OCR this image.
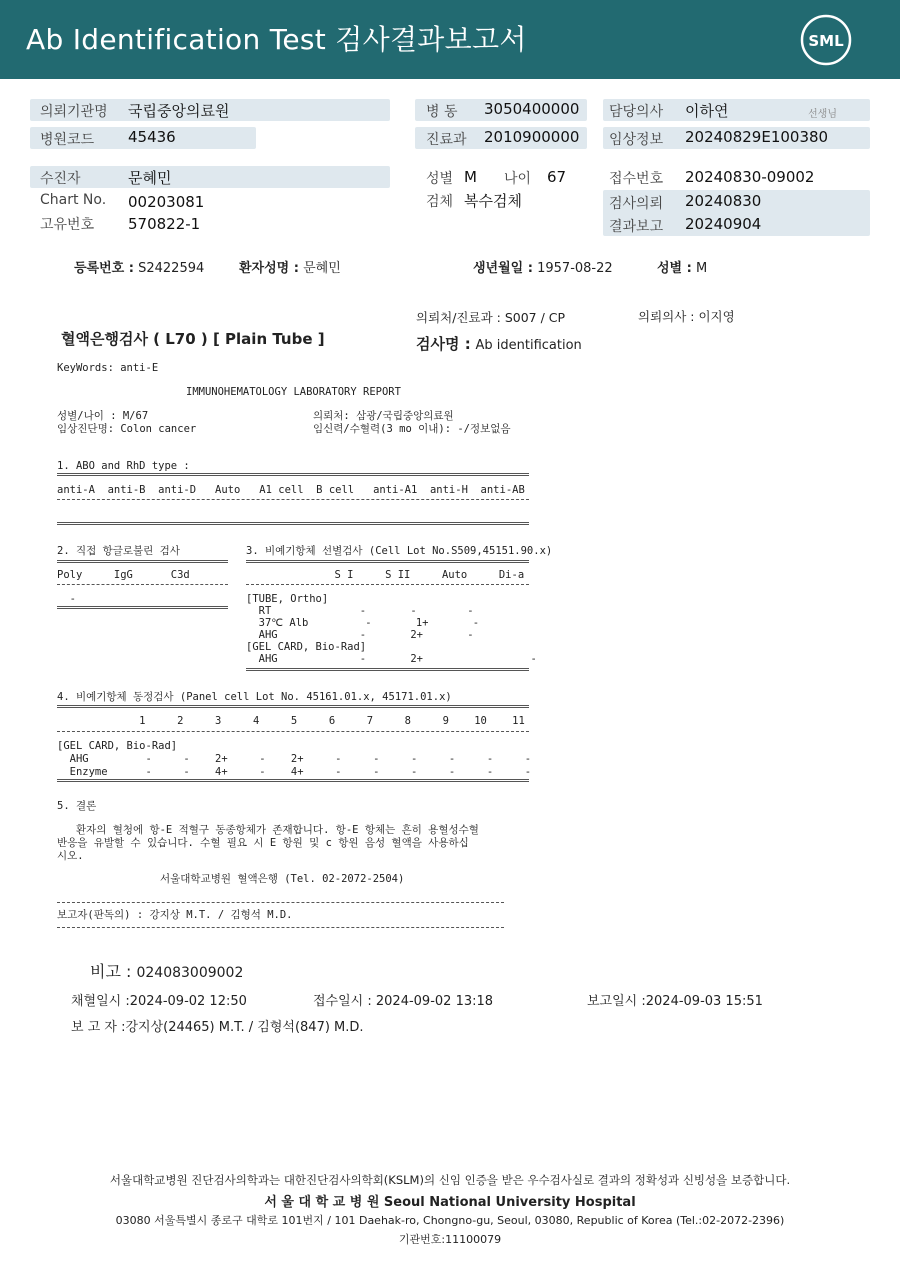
Ab Identification Test 검사결과보고서	SML
의뢰기관명 국립중앙의료원
병원코드 45436
병 동 3050400000
진료과 2010900000
담당의사 이하연	선생님
임상정보 20240829E100380
수진자	문혜민
Chart No. 00203081
고유번호 570822-1
성별 M 나이 67
검체 복수검체
접수번호 20240830-09002
검사의뢰 20240830
결과보고 20240904
등록번호 : S2422594	환자성명 : 문혜민	생년월일 : 1957-08-22	성별 : M
의뢰처/진료과 : S007 / CP	의뢰의사 : 이지영
혈액은행검사 ( L70 ) [ Plain Tube ]	검사명 : Ab identification
KeyWords: anti-E
IMMUNOHEMATOLOGY LABORATORY REPORT
성별/나이 : M/67
임상진단명: Colon cancer
의뢰처: 삼광/국립중앙의료원
임신력/수혈력(3 mo 이내): -/정보없음
1. ABO and RhD type :
anti-A  anti-B  anti-D   Auto   A1 cell  B cell   anti-A1  anti-H  anti-AB
2. 직접 항글로불린 검사
Poly     IgG      C3d
-
3. 비예기항체 선별검사 (Cell Lot No.S509,45151.90.x)
S I     S II     Auto     Di-a
[TUBE, Ortho]
RT              -       -        -
37℃ Alb         -       1+       -
AHG             -       2+       -
[GEL CARD, Bio-Rad]
AHG             -       2+                 -
4. 비예기항체 동정검사 (Panel cell Lot No. 45161.01.x, 45171.01.x)
1     2     3     4     5     6     7     8     9    10    11
[GEL CARD, Bio-Rad]
AHG         -     -    2+     -    2+     -     -     -     -     -     -
Enzyme      -     -    4+     -    4+     -     -     -     -     -     -
5. 결론
환자의 혈청에 항-E 적혈구 동종항체가 존재합니다. 항-E 항체는 흔히 용혈성수혈
반응을 유발할 수 있습니다. 수혈 필요 시 E 항원 및 c 항원 음성 혈액을 사용하십
시오.
서울대학교병원 혈액은행 (Tel. 02-2072-2504)
보고자(판독의) : 강지상 M.T. / 김형석 M.D.
비고 : 024083009002
채혈일시 :2024-09-02 12:50	접수일시 : 2024-09-02 13:18	보고일시 :2024-09-03 15:51
보 고 자 :강지상(24465) M.T. / 김형석(847) M.D.
서울대학교병원 진단검사의학과는 대한진단검사의학회(KSLM)의 신임 인증을 받은 우수검사실로 결과의 정확성과 신빙성을 보증합니다.
서 울 대 학 교 병 원 Seoul National University Hospital
03080 서울특별시 종로구 대학로 101번지 / 101 Daehak-ro, Chongno-gu, Seoul, 03080, Republic of Korea (Tel.:02-2072-2396)
기관번호:11100079
